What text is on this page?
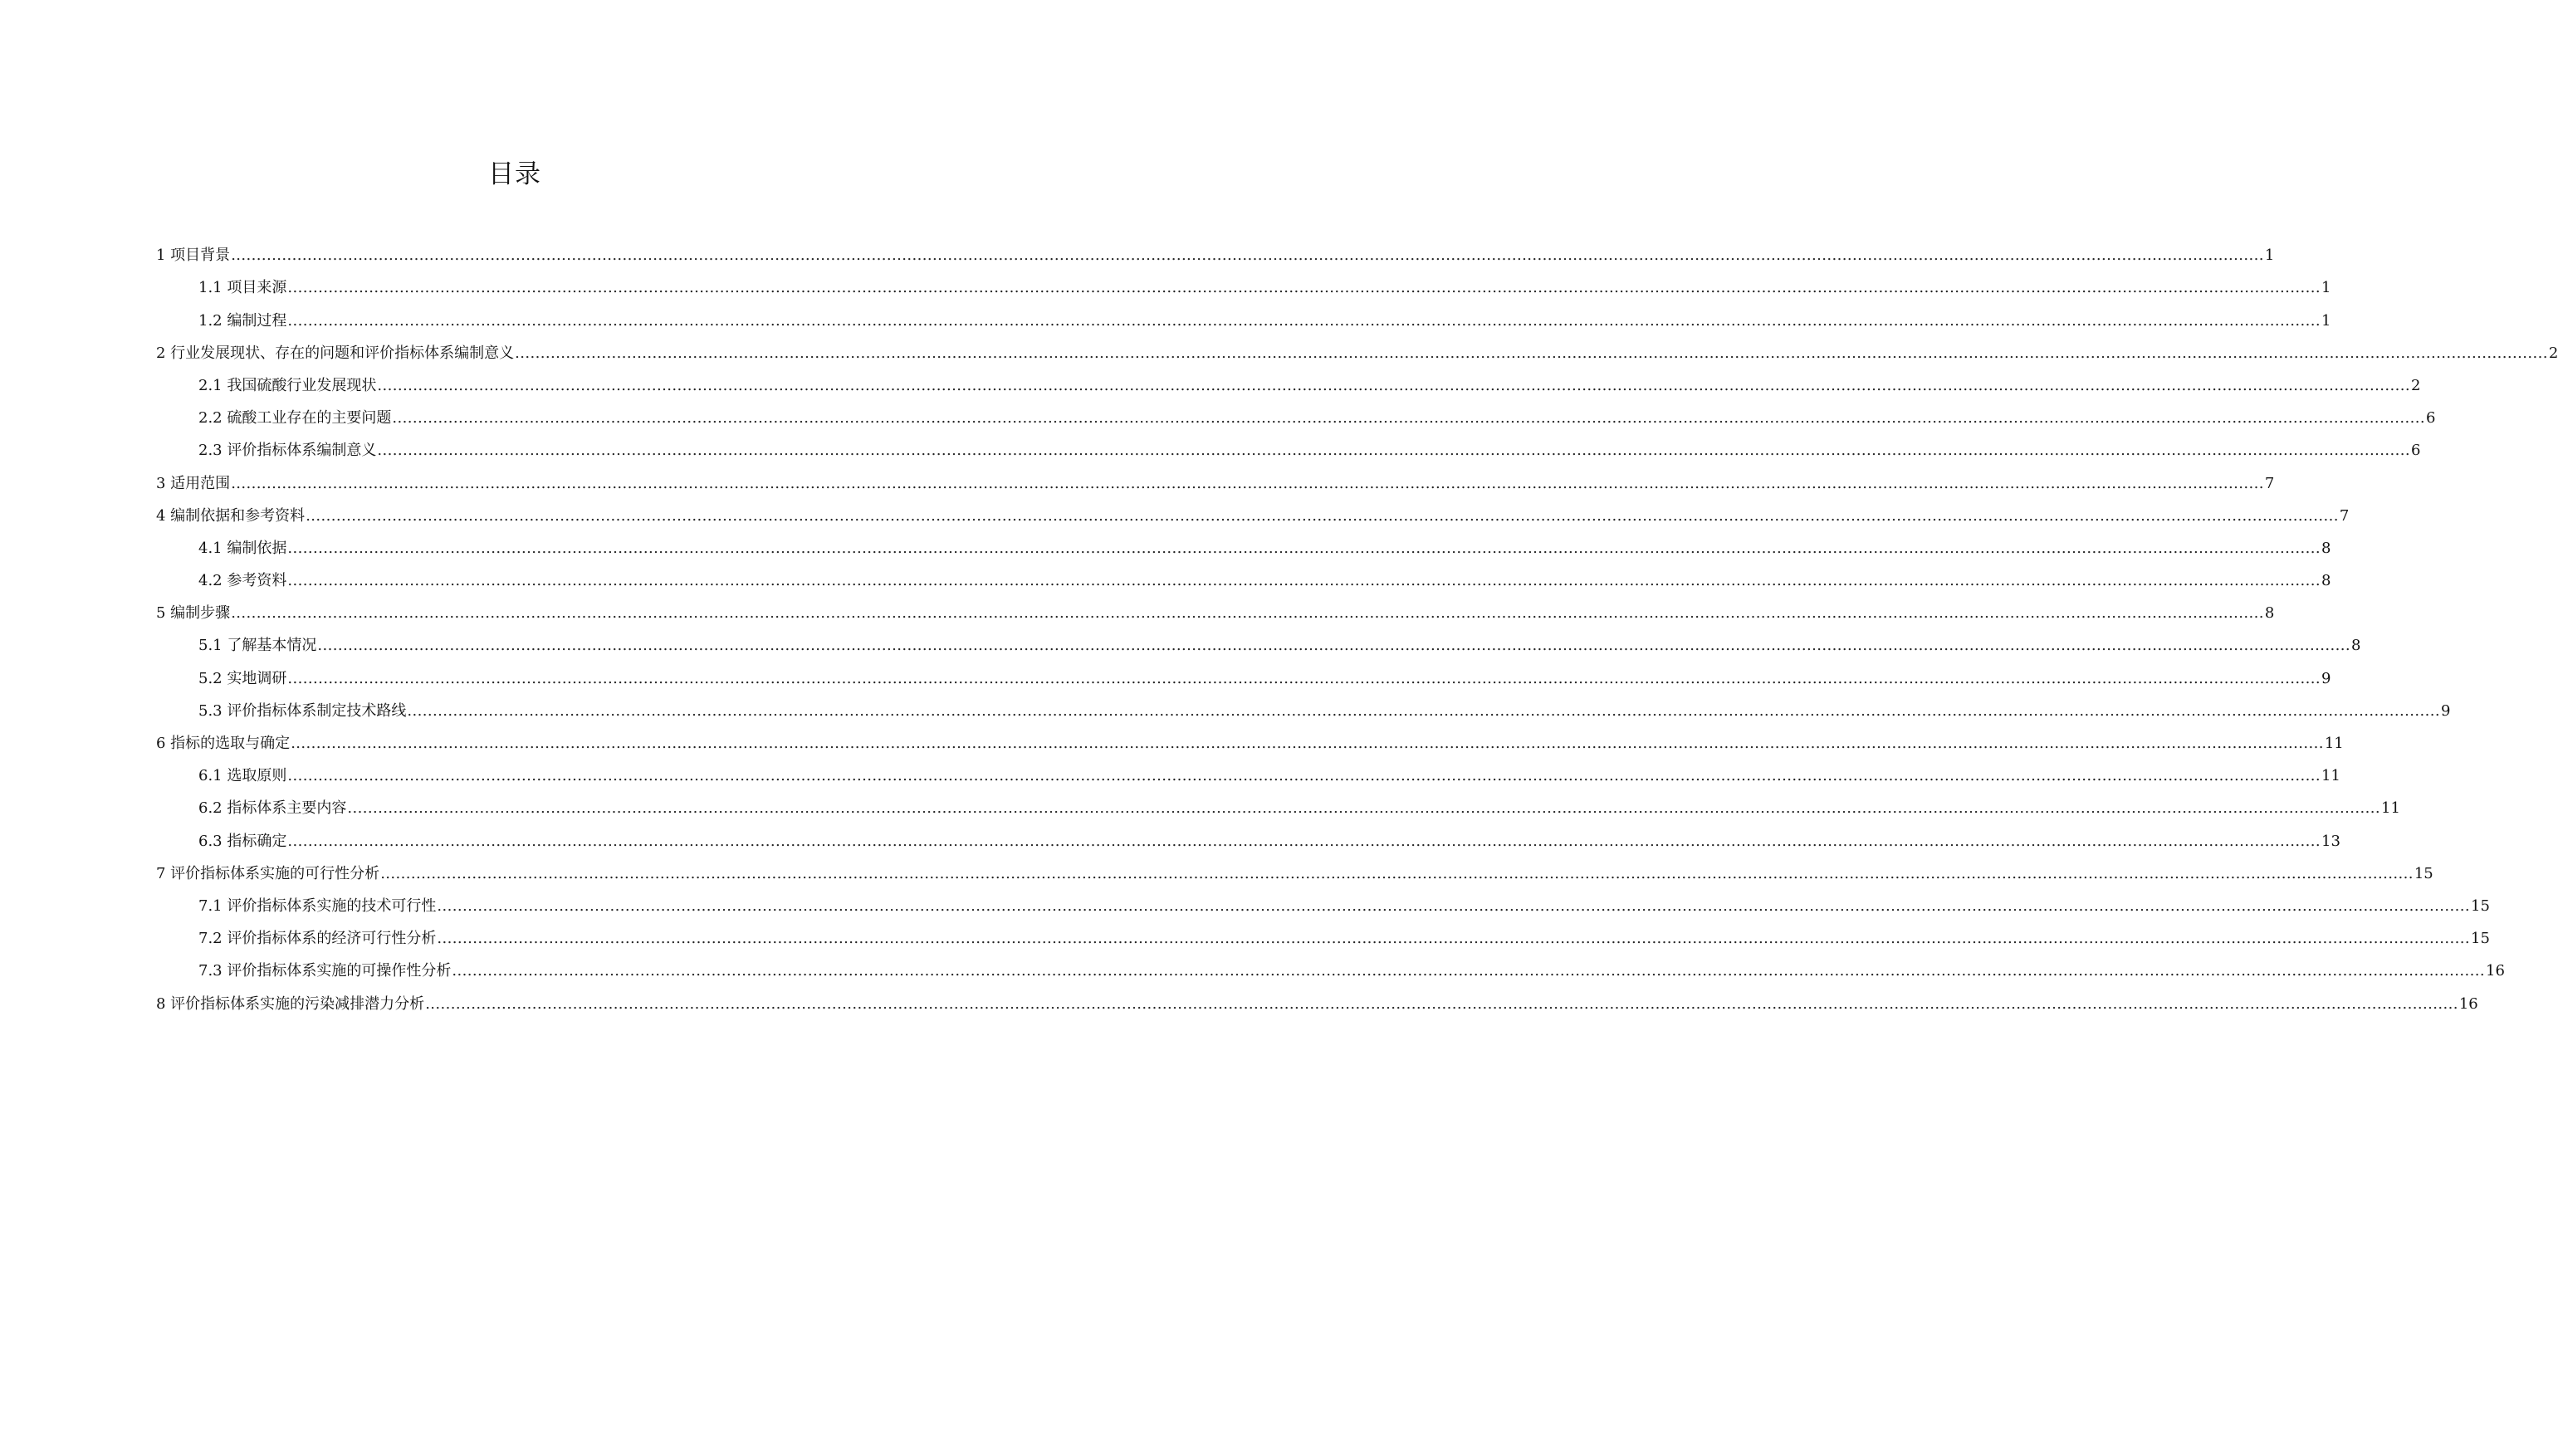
目录
1 项目背景 ................................................................................................................................................................................................................................................................................................................................................................................................................ 1
1.1 项目来源 ................................................................................................................................................................................................................................................................................................................................................................................................................ 1
1.2 编制过程 ................................................................................................................................................................................................................................................................................................................................................................................................................ 1
2 行业发展现状、存在的问题和评价指标体系编制意义 ................................................................................................................................................................................................................................................................................................................................................................................................................ 2
2.1 我国硫酸行业发展现状 ................................................................................................................................................................................................................................................................................................................................................................................................................ 2
2.2 硫酸工业存在的主要问题 ................................................................................................................................................................................................................................................................................................................................................................................................................ 6
2.3 评价指标体系编制意义 ................................................................................................................................................................................................................................................................................................................................................................................................................ 6
3 适用范围 ................................................................................................................................................................................................................................................................................................................................................................................................................ 7
4 编制依据和参考资料 ................................................................................................................................................................................................................................................................................................................................................................................................................ 7
4.1 编制依据 ................................................................................................................................................................................................................................................................................................................................................................................................................ 8
4.2 参考资料 ................................................................................................................................................................................................................................................................................................................................................................................................................ 8
5 编制步骤 ................................................................................................................................................................................................................................................................................................................................................................................................................ 8
5.1 了解基本情况 ................................................................................................................................................................................................................................................................................................................................................................................................................ 8
5.2 实地调研 ................................................................................................................................................................................................................................................................................................................................................................................................................ 9
5.3 评价指标体系制定技术路线 ................................................................................................................................................................................................................................................................................................................................................................................................................ 9
6 指标的选取与确定 ................................................................................................................................................................................................................................................................................................................................................................................................................ 11
6.1 选取原则 ................................................................................................................................................................................................................................................................................................................................................................................................................ 11
6.2 指标体系主要内容 ................................................................................................................................................................................................................................................................................................................................................................................................................ 11
6.3 指标确定 ................................................................................................................................................................................................................................................................................................................................................................................................................ 13
7 评价指标体系实施的可行性分析 ................................................................................................................................................................................................................................................................................................................................................................................................................ 15
7.1 评价指标体系实施的技术可行性 ................................................................................................................................................................................................................................................................................................................................................................................................................ 15
7.2 评价指标体系的经济可行性分析 ................................................................................................................................................................................................................................................................................................................................................................................................................ 15
7.3 评价指标体系实施的可操作性分析 ................................................................................................................................................................................................................................................................................................................................................................................................................ 16
8 评价指标体系实施的污染减排潜力分析 ................................................................................................................................................................................................................................................................................................................................................................................................................ 16
